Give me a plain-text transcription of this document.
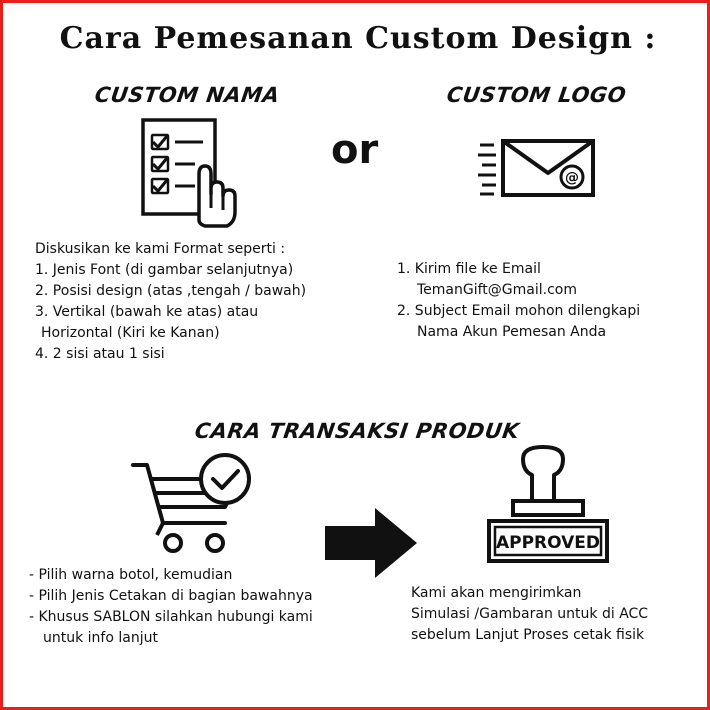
Cara Pemesanan Custom Design :
CUSTOM NAMA
Diskusikan ke kami Format seperti :
1. Jenis Font (di gambar selanjutnya)
2. Posisi design (atas ,tengah / bawah)
3. Vertikal (bawah ke atas) atau
Horizontal (Kiri ke Kanan)
4. 2 sisi atau 1 sisi
or
CUSTOM LOGO
@
1. Kirim file ke Email
TemanGift@Gmail.com
2. Subject Email mohon dilengkapi
Nama Akun Pemesan Anda
CARA TRANSAKSI PRODUK
APPROVED
- Pilih warna botol, kemudian
- Pilih Jenis Cetakan di bagian bawahnya
- Khusus SABLON silahkan hubungi kami
untuk info lanjut
Kami akan mengirimkan
Simulasi /Gambaran untuk di ACC
sebelum Lanjut Proses cetak fisik
